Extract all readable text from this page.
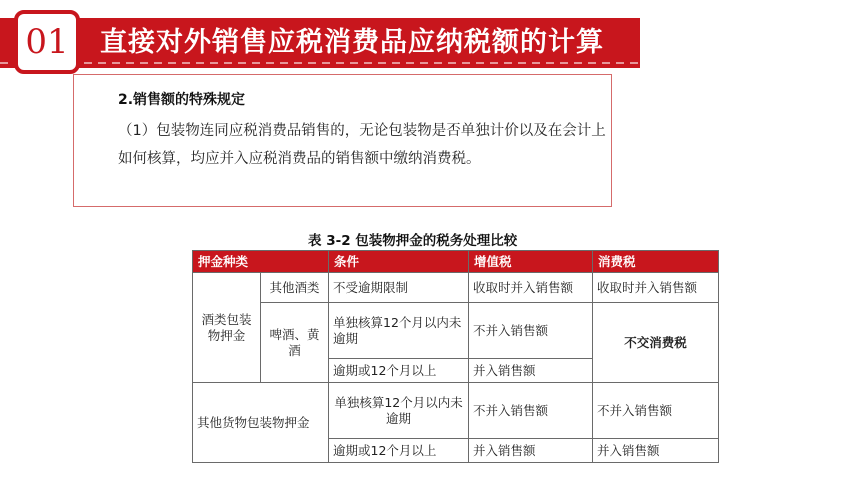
直接对外销售应税消费品应纳税额的计算
01
2.销售额的特殊规定
（1）包装物连同应税消费品销售的，无论包装物是否单独计价以及在会计上如何核算，均应并入应税消费品的销售额中缴纳消费税。
表 3-2 包装物押金的税务处理比较
押金种类		条件	增值税	消费税
酒类包装物押金	其他酒类	不受逾期限制	收取时并入销售额	收取时并入销售额
	啤酒、黄酒	单独核算12个月以内未逾期	不并入销售额	不交消费税
		逾期或12个月以上	并入销售额	
其他货物包装物押金		单独核算12个月以内未逾期	不并入销售额	不并入销售额
		逾期或12个月以上	并入销售额	并入销售额
